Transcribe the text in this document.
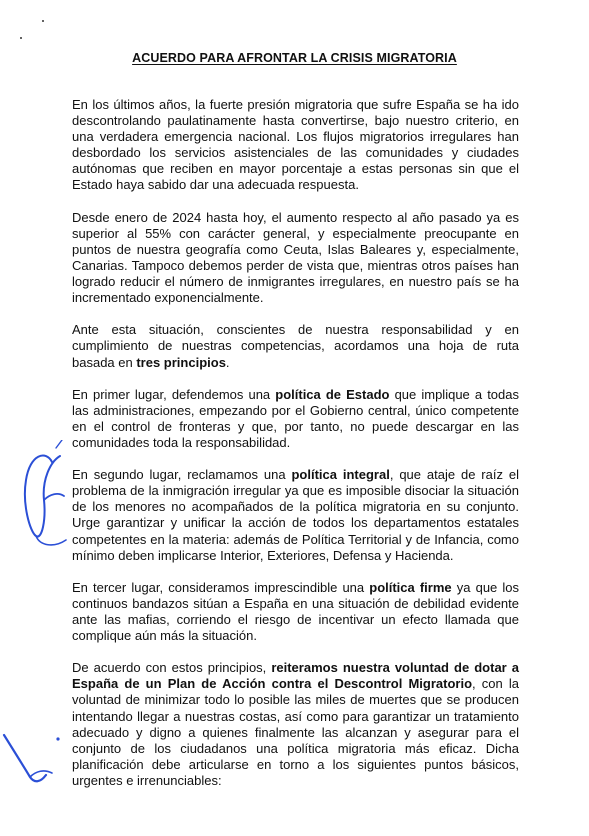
ACUERDO PARA AFRONTAR LA CRISIS MIGRATORIA

En los últimos años, la fuerte presión migratoria que sufre España se ha ido descontrolando paulatinamente hasta convertirse, bajo nuestro criterio, en una verdadera emergencia nacional. Los flujos migratorios irregulares han desbordado los servicios asistenciales de las comunidades y ciudades autónomas que reciben en mayor porcentaje a estas personas sin que el Estado haya sabido dar una adecuada respuesta.

Desde enero de 2024 hasta hoy, el aumento respecto al año pasado ya es superior al 55% con carácter general, y especialmente preocupante en puntos de nuestra geografía como Ceuta, Islas Baleares y, especialmente, Canarias. Tampoco debemos perder de vista que, mientras otros países han logrado reducir el número de inmigrantes irregulares, en nuestro país se ha incrementado exponencialmente.

Ante esta situación, conscientes de nuestra responsabilidad y en cumplimiento de nuestras competencias, acordamos una hoja de ruta basada en tres principios.

En primer lugar, defendemos una política de Estado que implique a todas las administraciones, empezando por el Gobierno central, único competente en el control de fronteras y que, por tanto, no puede descargar en las comunidades toda la responsabilidad.

En segundo lugar, reclamamos una política integral, que ataje de raíz el problema de la inmigración irregular ya que es imposible disociar la situación de los menores no acompañados de la política migratoria en su conjunto. Urge garantizar y unificar la acción de todos los departamentos estatales competentes en la materia: además de Política Territorial y de Infancia, como mínimo deben implicarse Interior, Exteriores, Defensa y Hacienda.

En tercer lugar, consideramos imprescindible una política firme ya que los continuos bandazos sitúan a España en una situación de debilidad evidente ante las mafias, corriendo el riesgo de incentivar un efecto llamada que complique aún más la situación.

De acuerdo con estos principios, reiteramos nuestra voluntad de dotar a España de un Plan de Acción contra el Descontrol Migratorio, con la voluntad de minimizar todo lo posible las miles de muertes que se producen intentando llegar a nuestras costas, así como para garantizar un tratamiento adecuado y digno a quienes finalmente las alcanzan y asegurar para el conjunto de los ciudadanos una política migratoria más eficaz. Dicha planificación debe articularse en torno a los siguientes puntos básicos, urgentes e irrenunciables:
